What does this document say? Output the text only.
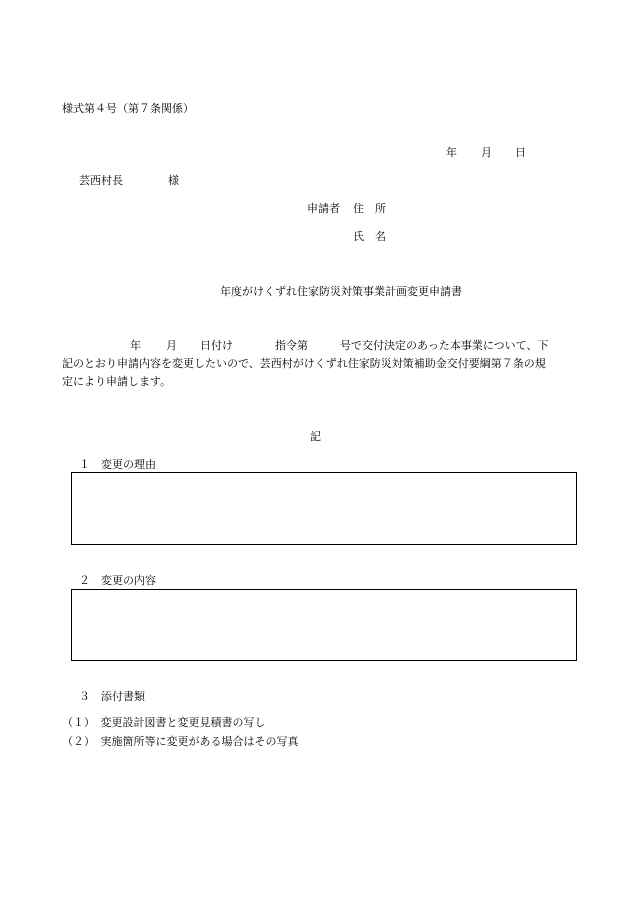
様式第４号（第７条関係）
年 月 日
芸西村長	様
申請者 住　所
氏　名
年度がけくずれ住家防災対策事業計画変更申請書
年 月 日付け	指令第	号で交付決定のあった本事業について、下
記のとおり申請内容を変更したいので、芸西村がけくずれ住家防災対策補助金交付要綱第７条の規
定により申請します。
記
１　変更の理由
２　変更の内容
３　添付書類
（１）　変更設計図書と変更見積書の写し
（２）　実施箇所等に変更がある場合はその写真
